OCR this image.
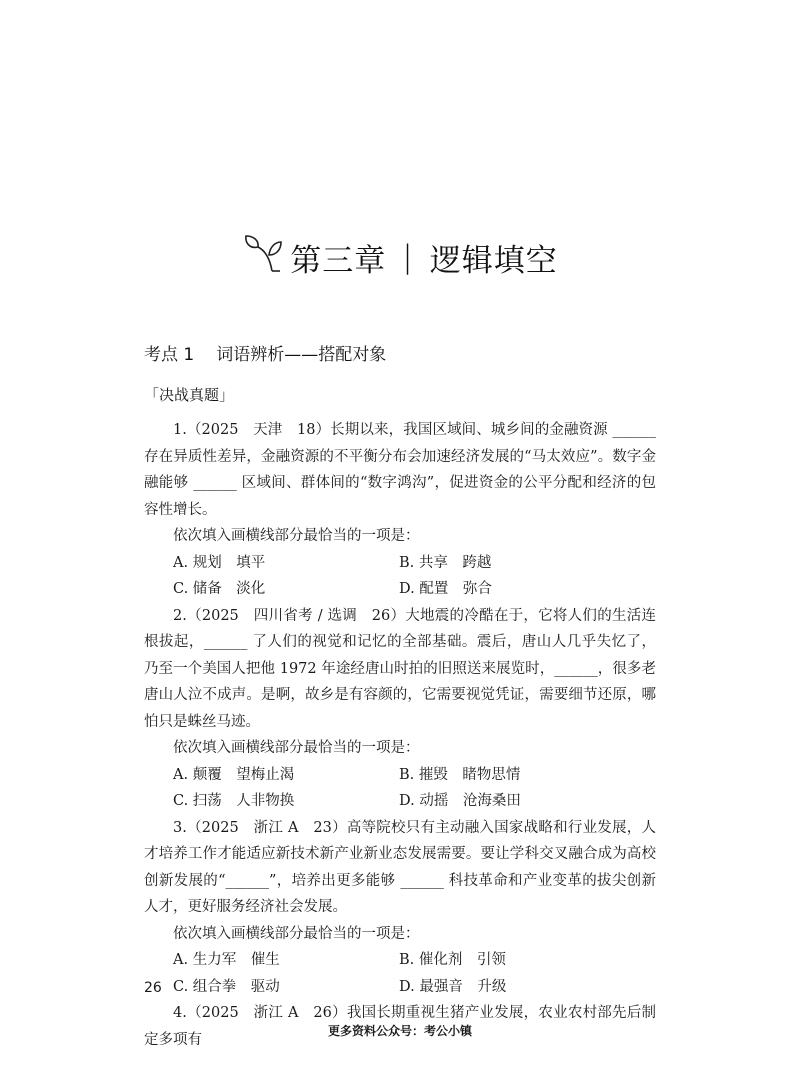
第三章 | 逻辑填空
考点 1 词语辨析——搭配对象
「决战真题」

1.（2025　天津　18）长期以来，我国区域间、城乡间的金融资源 ______ 存在异质性差异，金融资源的不平衡分布会加速经济发展的“马太效应”。数字金融能够 ______ 区域间、群体间的“数字鸿沟”，促进资金的公平分配和经济的包容性增长。

依次填入画横线部分最恰当的一项是：

A. 规划　填平	B. 共享　跨越
C. 储备　淡化	D. 配置　弥合

2.（2025　四川省考 / 选调　26）大地震的冷酷在于，它将人们的生活连根拔起，______ 了人们的视觉和记忆的全部基础。震后，唐山人几乎失忆了，乃至一个美国人把他 1972 年途经唐山时拍的旧照送来展览时，______，很多老唐山人泣不成声。是啊，故乡是有容颜的，它需要视觉凭证，需要细节还原，哪怕只是蛛丝马迹。

依次填入画横线部分最恰当的一项是：

A. 颠覆　望梅止渴	B. 摧毁　睹物思情
C. 扫荡　人非物换	D. 动摇　沧海桑田

3.（2025　浙江 A　23）高等院校只有主动融入国家战略和行业发展，人才培养工作才能适应新技术新产业新业态发展需要。要让学科交叉融合成为高校创新发展的“______”，培养出更多能够 ______ 科技革命和产业变革的拔尖创新人才，更好服务经济社会发展。

依次填入画横线部分最恰当的一项是：

A. 生力军　催生	B. 催化剂　引领
C. 组合拳　驱动	D. 最强音　升级

4.（2025　浙江 A　26）我国长期重视生猪产业发展，农业农村部先后制定多项有

26
更多资料公众号：考公小镇
